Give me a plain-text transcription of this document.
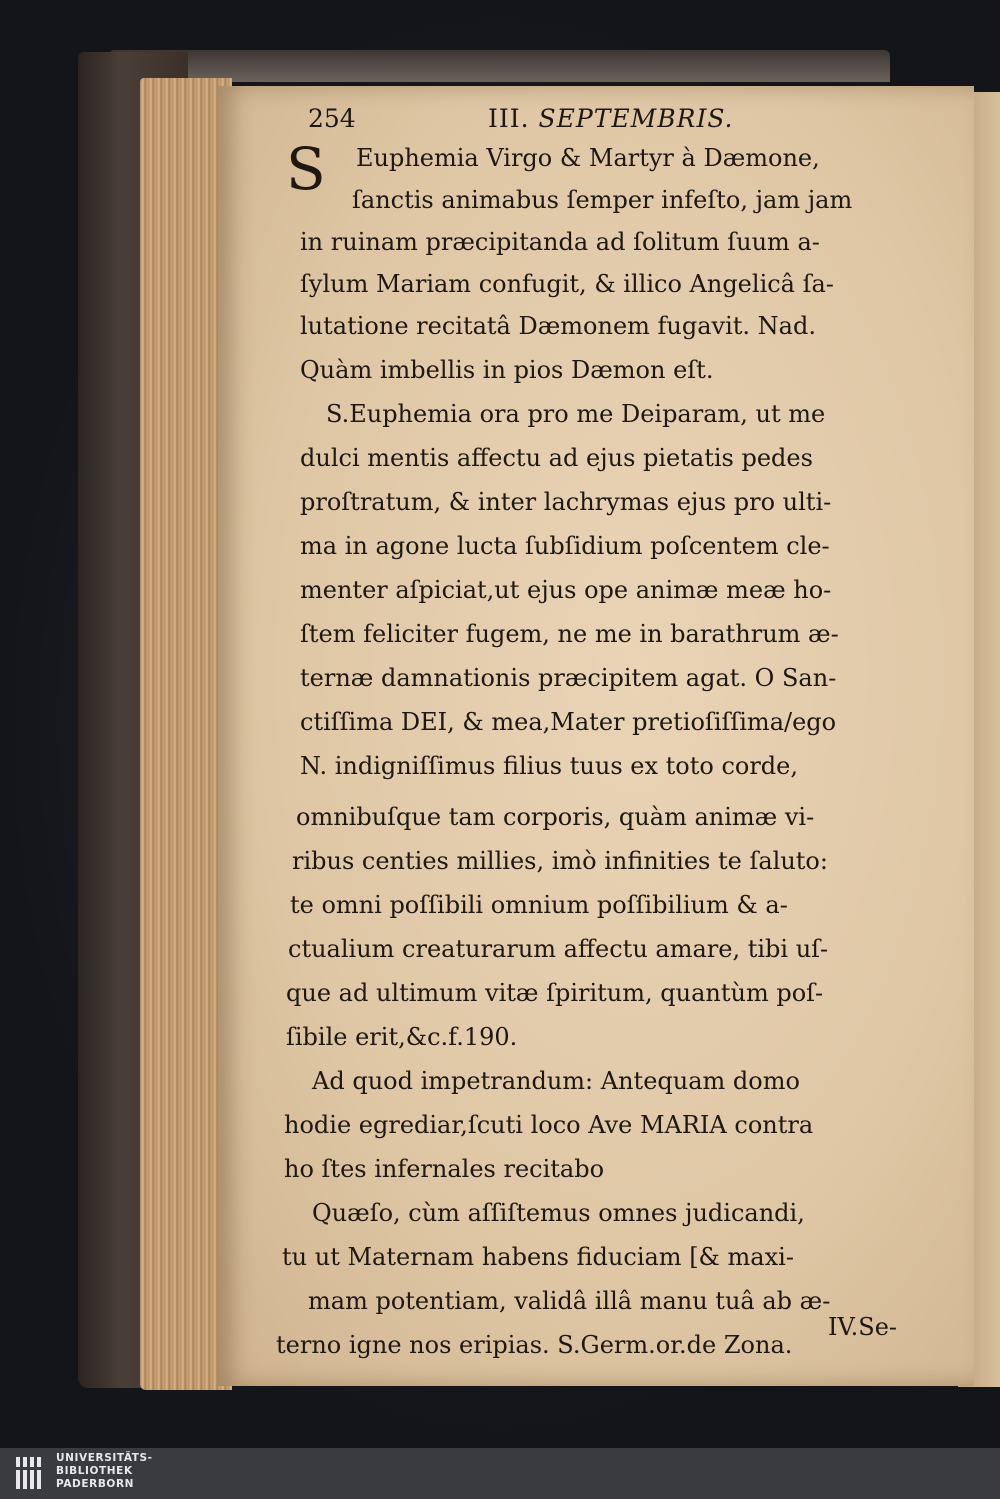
254	III. SEPTEMBRIS.
S Euphemia Virgo & Martyr à Dæmone,
ſanctis animabus ſemper infeſto, jam jam
in ruinam præcipitanda ad ſolitum ſuum a-
ſylum Mariam confugit, & illico Angelicâ ſa-
lutatione recitatâ Dæmonem fugavit. Nad.
Quàm imbellis in pios Dæmon eſt.
S.Euphemia ora pro me Deiparam, ut me
dulci mentis affectu ad ejus pietatis pedes
proſtratum, & inter lachrymas ejus pro ulti-
ma in agone lucta ſubſidium poſcentem cle-
menter aſpiciat,ut ejus ope animæ meæ ho-
ſtem feliciter fugem, ne me in barathrum æ-
ternæ damnationis præcipitem agat. O San-
ctiſſima DEI, & mea,Mater pretioſiſſima/ego
N. indigniſſimus filius tuus ex toto corde,
omnibuſque tam corporis, quàm animæ vi-
ribus centies millies, imò infinities te ſaluto:
te omni poſſibili omnium poſſibilium & a-
ctualium creaturarum affectu amare, tibi uſ-
que ad ultimum vitæ ſpiritum, quantùm poſ-
ſibile erit,&c.f.190.
Ad quod impetrandum: Antequam domo
hodie egrediar,ſcuti loco Ave MARIA contra
ho ſtes infernales recitabo
Quæſo, cùm aſſiſtemus omnes judicandi,
tu ut Maternam habens fiduciam [& maxi-
mam potentiam, validâ illâ manu tuâ ab æ-
terno igne nos eripias. S.Germ.or.de Zona.
UNIVERSITÄTS-
BIBLIOTHEK
PADERBORN
IV.Se-
